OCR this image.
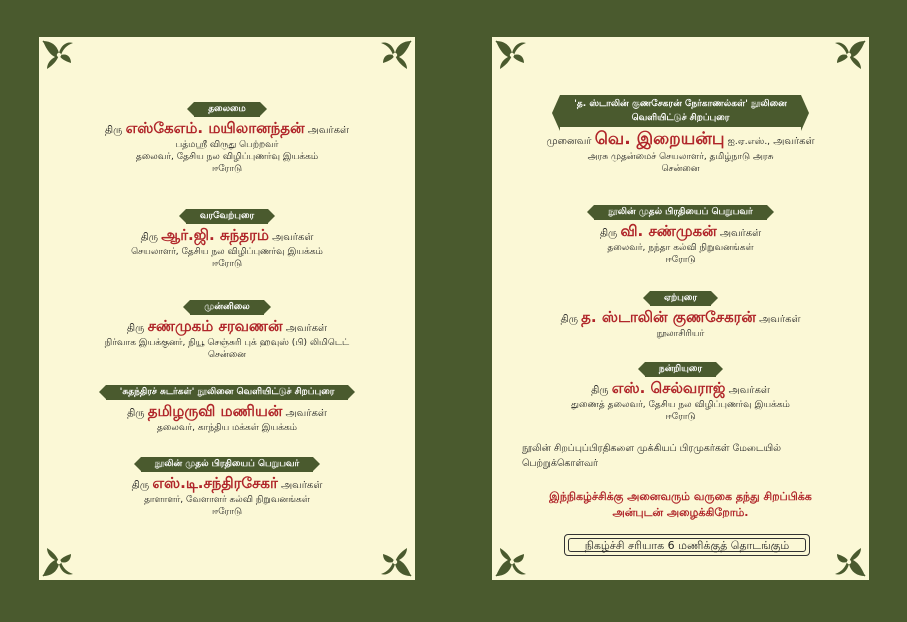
தலைமை
திரு எஸ்கேஎம். மயிலானந்தன் அவர்கள்
பத்மஸ்ரீ விருது பெற்றவர்
தலைவர், தேசிய நல விழிப்புணர்வு இயக்கம்
ஈரோடு
வரவேற்புரை
திரு ஆர்.ஜி. சுந்தரம் அவர்கள்
செயலாளர், தேசிய நல விழிப்புணர்வு இயக்கம்
ஈரோடு
முன்னிலை
திரு சண்முகம் சரவணன் அவர்கள்
நிர்வாக இயக்குனர், நியூ செஞ்சுரி புக் ஹவுஸ் (பி) லிமிடெட்
சென்னை
'சுதந்திரச் சுடர்கள்' நூலினை வெளியிட்டுச் சிறப்புரை
திரு தமிழருவி மணியன் அவர்கள்
தலைவர், காந்திய மக்கள் இயக்கம்
நூலின் முதல் பிரதியைப் பெறுபவர்
திரு எஸ்.டி.சந்திரசேகர் அவர்கள்
தாளாளர், வேளாளர் கல்வி நிறுவனங்கள்
ஈரோடு
'த. ஸ்டாலின் குணசேகரன் நேர்காணல்கள்' நூலினை
வெளியிட்டுச் சிறப்புரை
முனைவர் வெ. இறையன்பு ஐ.ஏ.எஸ்., அவர்கள்
அரசு முதன்மைச் செயலாளர், தமிழ்நாடு அரசு
சென்னை
நூலின் முதல் பிரதியைப் பெறுபவர்
திரு வி. சண்முகன் அவர்கள்
தலைவர், நந்தா கல்வி நிறுவனங்கள்
ஈரோடு
ஏற்புரை
திரு த. ஸ்டாலின் குணசேகரன் அவர்கள்
நூலாசிரியர்
நன்றியுரை
திரு எஸ். செல்வராஜ் அவர்கள்
துணைத் தலைவர், தேசிய நல விழிப்புணர்வு இயக்கம்
ஈரோடு
நூலின் சிறப்புப்பிரதிகளை முக்கியப் பிரமுகர்கள் மேடையில் பெற்றுக்கொள்வர்
இந்நிகழ்ச்சிக்கு அனைவரும் வருகை தந்து சிறப்பிக்க
அன்புடன் அழைக்கிறோம்.
நிகழ்ச்சி சரியாக 6 மணிக்குத் தொடங்கும்
